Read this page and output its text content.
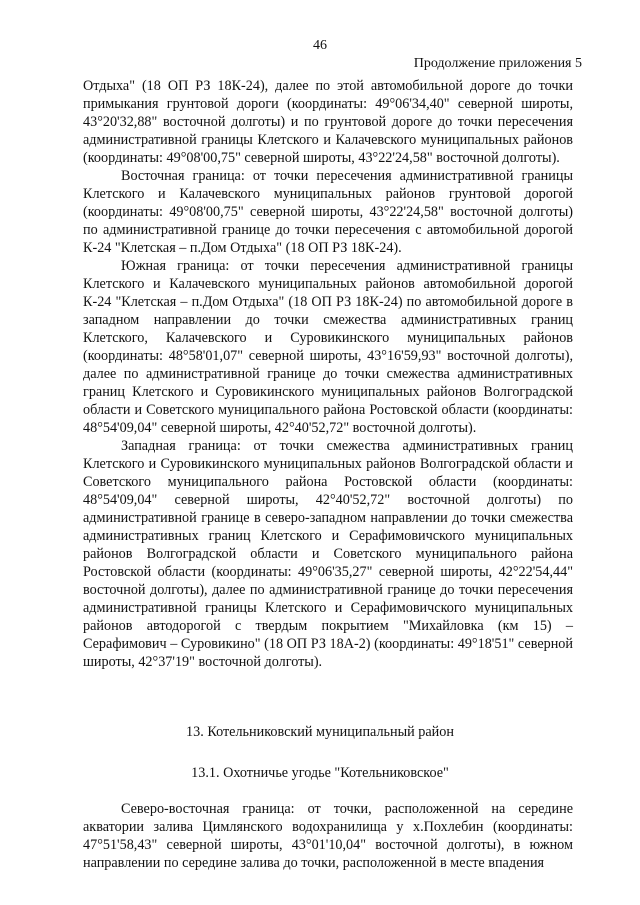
46
Продолжение приложения 5

Отдыха" (18 ОП РЗ 18К-24), далее по этой автомобильной дороге до точки примыкания грунтовой дороги (координаты: 49°06'34,40" северной широты, 43°20'32,88" восточной долготы) и по грунтовой дороге до точки пересечения административной границы Клетского и Калачевского муниципальных районов (координаты: 49°08'00,75" северной широты, 43°22'24,58" восточной долготы).

Восточная граница: от точки пересечения административной границы Клетского и Калачевского муниципальных районов грунтовой дорогой (координаты: 49°08'00,75" северной широты, 43°22'24,58" восточной долготы) по административной границе до точки пересечения с автомобильной дорогой К-24 "Клетская – п.Дом Отдыха" (18 ОП РЗ 18К-24).

Южная граница: от точки пересечения административной границы Клетского и Калачевского муниципальных районов автомобильной дорогой К-24 "Клетская – п.Дом Отдыха" (18 ОП РЗ 18К-24) по автомобильной дороге в западном направлении до точки смежества административных границ Клетского, Калачевского и Суровикинского муниципальных районов (координаты: 48°58'01,07" северной широты, 43°16'59,93" восточной долготы), далее по административной границе до точки смежества административных границ Клетского и Суровикинского муниципальных районов Волгоградской области и Советского муниципального района Ростовской области (координаты: 48°54'09,04" северной широты, 42°40'52,72" восточной долготы).

Западная граница: от точки смежества административных границ Клетского и Суровикинского муниципальных районов Волгоградской области и Советского муниципального района Ростовской области (координаты: 48°54'09,04" северной широты, 42°40'52,72" восточной долготы) по административной границе в северо-западном направлении до точки смежества административных границ Клетского и Серафимовичского муниципальных районов Волгоградской области и Советского муниципального района Ростовской области (координаты: 49°06'35,27" северной широты, 42°22'54,44" восточной долготы), далее по административной границе до точки пересечения административной границы Клетского и Серафимовичского муниципальных районов автодорогой с твердым покрытием "Михайловка (км 15) – Серафимович – Суровикино" (18 ОП РЗ 18А-2) (координаты: 49°18'51" северной широты, 42°37'19" восточной долготы).

13. Котельниковский муниципальный район
13.1. Охотничье угодье "Котельниковское"

Северо-восточная граница: от точки, расположенной на середине акватории залива Цимлянского водохранилища у х.Похлебин (координаты: 47°51'58,43" северной широты, 43°01'10,04" восточной долготы), в южном направлении по середине залива до точки, расположенной в месте впадения
